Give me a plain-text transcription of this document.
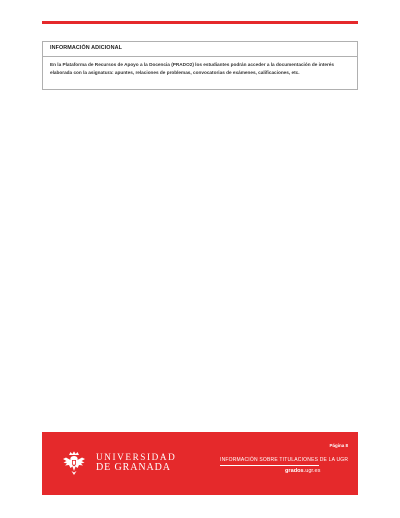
INFORMACIÓN ADICIONAL

En la Plataforma de Recursos de Apoyo a la Docencia (PRADO2) los estudiantes podrán acceder a la documentación de interés

elaborada con la asignatura: apuntes, relaciones de problemas, convocatorias de exámenes, calificaciones, etc.

UNIVERSIDAD
DE GRANADA
Página 8
INFORMACIÓN SOBRE TITULACIONES DE LA UGR
grados.ugr.es
